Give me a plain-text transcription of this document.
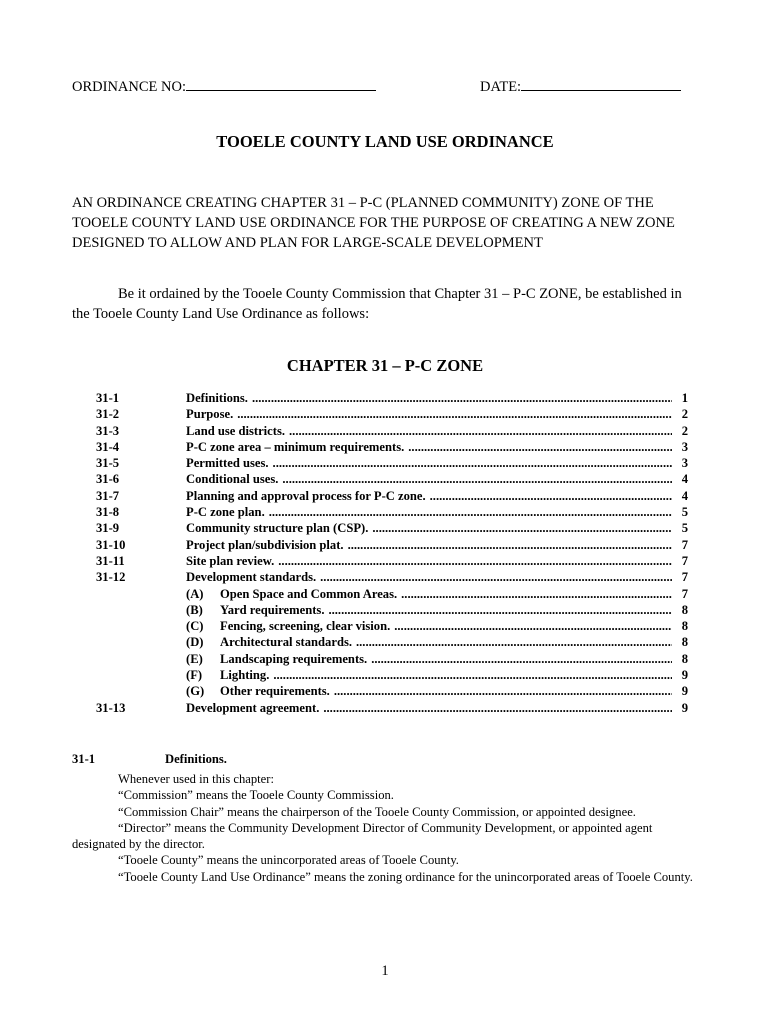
ORDINANCE NO:	DATE:
TOOELE COUNTY LAND USE ORDINANCE
AN ORDINANCE CREATING CHAPTER 31 – P-C (PLANNED COMMUNITY) ZONE OF THE TOOELE COUNTY LAND USE ORDINANCE FOR THE PURPOSE OF CREATING A NEW ZONE DESIGNED TO ALLOW AND PLAN FOR LARGE-SCALE DEVELOPMENT
Be it ordained by the Tooele County Commission that Chapter 31 – P-C ZONE, be established in the Tooele County Land Use Ordinance as follows:
CHAPTER 31 – P-C ZONE
31-1	Definitions. .....	1
31-2	Purpose. .....	2
31-3	Land use districts. .....	2
31-4	P-C zone area – minimum requirements. .....	3
31-5	Permitted uses. .....	3
31-6	Conditional uses. .....	4
31-7	Planning and approval process for P-C zone. .....	4
31-8	P-C zone plan. .....	5
31-9	Community structure plan (CSP). .....	5
31-10	Project plan/subdivision plat. .....	7
31-11	Site plan review. .....	7
31-12	Development standards. .....	7
(A)	Open Space and Common Areas. .....	7
(B)	Yard requirements. .....	8
(C)	Fencing, screening, clear vision. .....	8
(D)	Architectural standards. .....	8
(E)	Landscaping requirements. .....	8
(F)	Lighting. .....	9
(G)	Other requirements. .....	9
31-13	Development agreement. .....	9
31-1	Definitions.
Whenever used in this chapter:
“Commission” means the Tooele County Commission.
“Commission Chair” means the chairperson of the Tooele County Commission, or appointed designee.
“Director” means the Community Development Director of Community Development, or appointed agent designated by the director.
“Tooele County” means the unincorporated areas of Tooele County.
“Tooele County Land Use Ordinance” means the zoning ordinance for the unincorporated areas of Tooele County.
1
